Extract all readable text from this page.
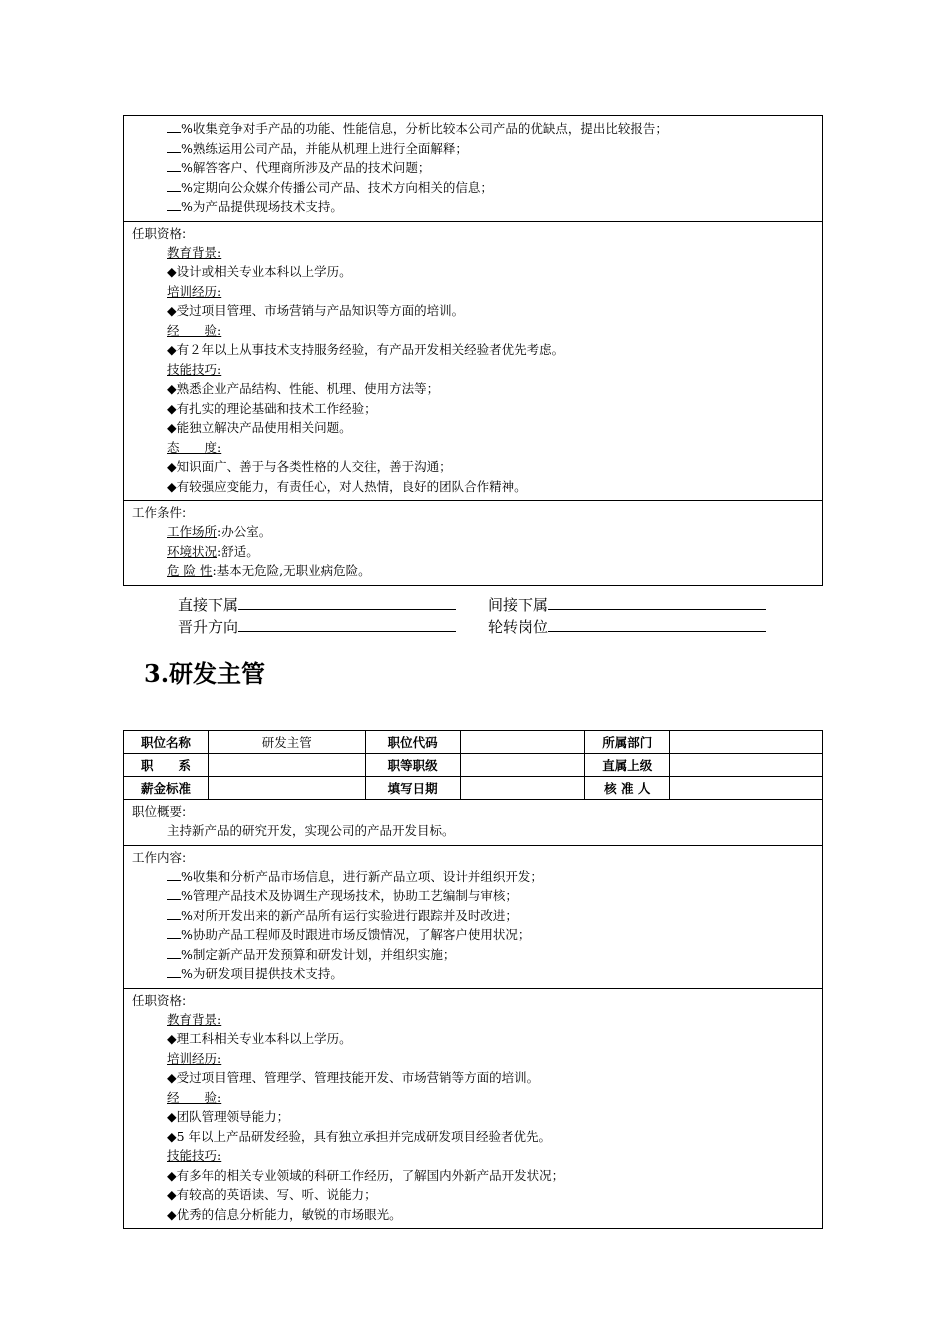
%收集竞争对手产品的功能、性能信息，分析比较本公司产品的优缺点，提出比较报告；
%熟练运用公司产品，并能从机理上进行全面解释；
%解答客户、代理商所涉及产品的技术问题；
%定期向公众媒介传播公司产品、技术方向相关的信息；
%为产品提供现场技术支持。
任职资格:
教育背景:
◆设计或相关专业本科以上学历。
培训经历:
◆受过项目管理、市场营销与产品知识等方面的培训。
经　　验:
◆有２年以上从事技术支持服务经验，有产品开发相关经验者优先考虑。
技能技巧:
◆熟悉企业产品结构、性能、机理、使用方法等；
◆有扎实的理论基础和技术工作经验；
◆能独立解决产品使用相关问题。
态　　度:
◆知识面广、善于与各类性格的人交往，善于沟通；
◆有较强应变能力，有责任心，对人热情，良好的团队合作精神。
工作条件:
工作场所:办公室。
环境状况:舒适。
危 险 性:基本无危险,无职业病危险。
直接下属	间接下属
晋升方向	轮转岗位
3.研发主管
职位名称	研发主管	职位代码		所属部门	
职　　系		职等职级		直属上级	
薪金标准		填写日期		核 准 人	
职位概要:
主持新产品的研究开发，实现公司的产品开发目标。
工作内容:
%收集和分析产品市场信息，进行新产品立项、设计并组织开发；
%管理产品技术及协调生产现场技术，协助工艺编制与审核；
%对所开发出来的新产品所有运行实验进行跟踪并及时改进；
%协助产品工程师及时跟进市场反馈情况，了解客户使用状况；
%制定新产品开发预算和研发计划，并组织实施；
%为研发项目提供技术支持。
任职资格:
教育背景:
◆理工科相关专业本科以上学历。
培训经历:
◆受过项目管理、管理学、管理技能开发、市场营销等方面的培训。
经　　验:
◆团队管理领导能力；
◆5 年以上产品研发经验，具有独立承担并完成研发项目经验者优先。
技能技巧:
◆有多年的相关专业领域的科研工作经历，了解国内外新产品开发状况；
◆有较高的英语读、写、听、说能力；
◆优秀的信息分析能力，敏锐的市场眼光。
